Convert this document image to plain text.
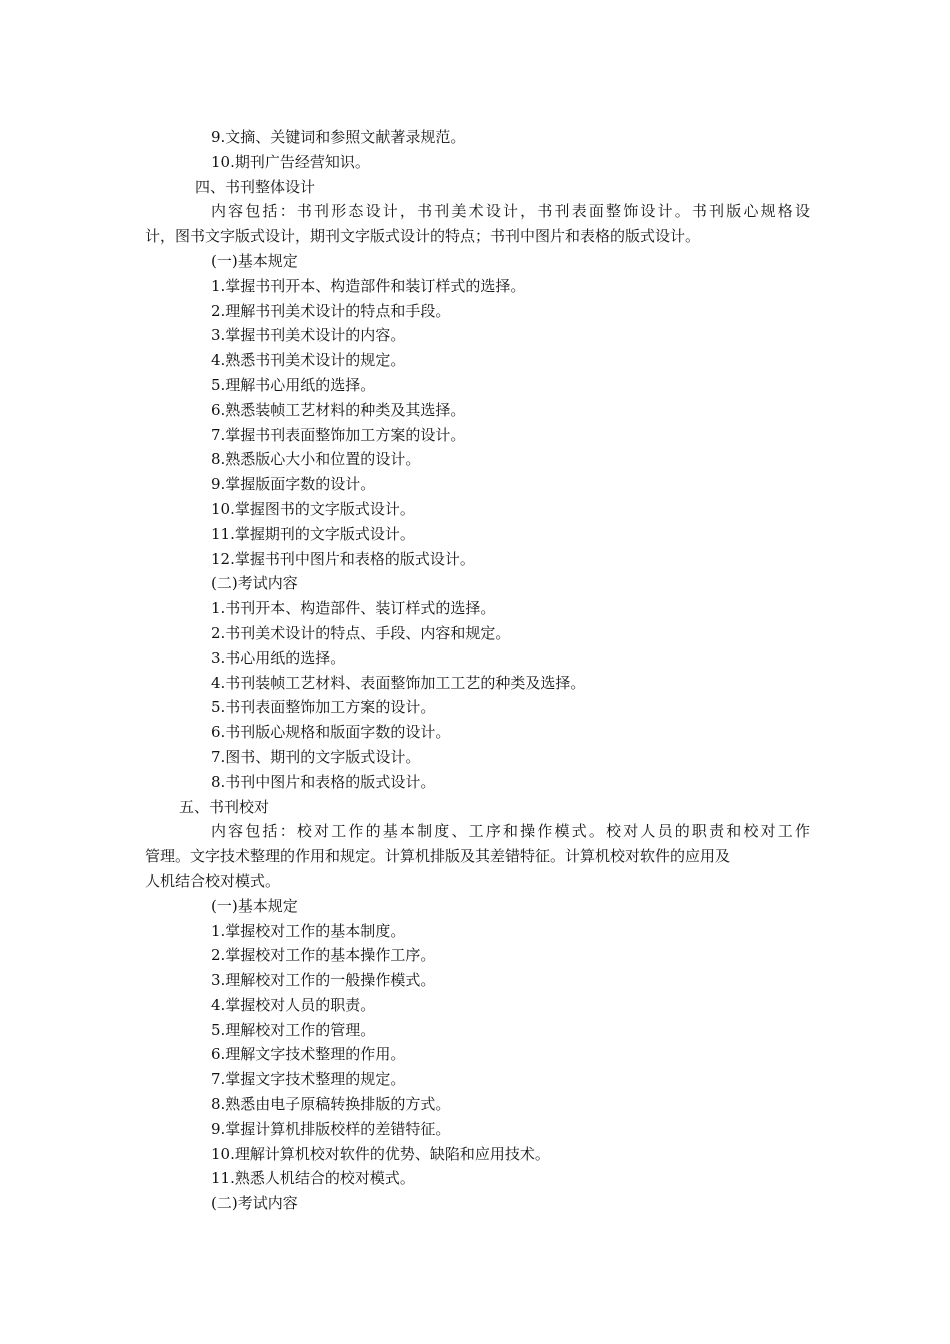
9.文摘、关键词和参照文献著录规范。
10.期刊广告经营知识。
四、书刊整体设计
内容包括：书刊形态设计，书刊美术设计，书刊表面整饰设计。书刊版心规格设
计，图书文字版式设计，期刊文字版式设计的特点；书刊中图片和表格的版式设计。
(一)基本规定
1.掌握书刊开本、构造部件和装订样式的选择。
2.理解书刊美术设计的特点和手段。
3.掌握书刊美术设计的内容。
4.熟悉书刊美术设计的规定。
5.理解书心用纸的选择。
6.熟悉装帧工艺材料的种类及其选择。
7.掌握书刊表面整饰加工方案的设计。
8.熟悉版心大小和位置的设计。
9.掌握版面字数的设计。
10.掌握图书的文字版式设计。
11.掌握期刊的文字版式设计。
12.掌握书刊中图片和表格的版式设计。
(二)考试内容
1.书刊开本、构造部件、装订样式的选择。
2.书刊美术设计的特点、手段、内容和规定。
3.书心用纸的选择。
4.书刊装帧工艺材料、表面整饰加工工艺的种类及选择。
5.书刊表面整饰加工方案的设计。
6.书刊版心规格和版面字数的设计。
7.图书、期刊的文字版式设计。
8.书刊中图片和表格的版式设计。
五、书刊校对
内容包括：校对工作的基本制度、工序和操作模式。校对人员的职责和校对工作
管理。文字技术整理的作用和规定。计算机排版及其差错特征。计算机校对软件的应用及
人机结合校对模式。
(一)基本规定
1.掌握校对工作的基本制度。
2.掌握校对工作的基本操作工序。
3.理解校对工作的一般操作模式。
4.掌握校对人员的职责。
5.理解校对工作的管理。
6.理解文字技术整理的作用。
7.掌握文字技术整理的规定。
8.熟悉由电子原稿转换排版的方式。
9.掌握计算机排版校样的差错特征。
10.理解计算机校对软件的优势、缺陷和应用技术。
11.熟悉人机结合的校对模式。
(二)考试内容
